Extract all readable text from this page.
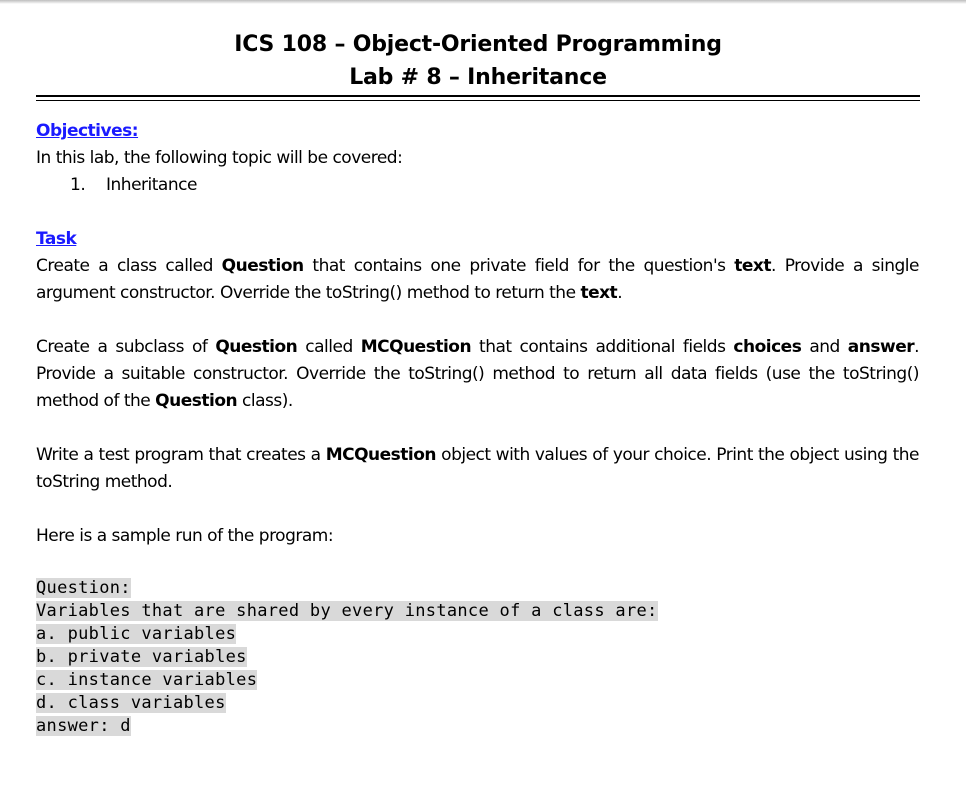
ICS 108 – Object-Oriented Programming
Lab # 8 – Inheritance
Objectives:
In this lab, the following topic will be covered:
1.	Inheritance
Task

Create a class called Question that contains one private field for the question's text. Provide a single argument constructor. Override the toString() method to return the text.

Create a subclass of Question called MCQuestion that contains additional fields choices and answer. Provide a suitable constructor. Override the toString() method to return all data fields (use the toString() method of the Question class).

Write a test program that creates a MCQuestion object with values of your choice. Print the object using the toString method.

Here is a sample run of the program:
Question:
Variables that are shared by every instance of a class are:
a. public variables
b. private variables
c. instance variables
d. class variables
answer: d
